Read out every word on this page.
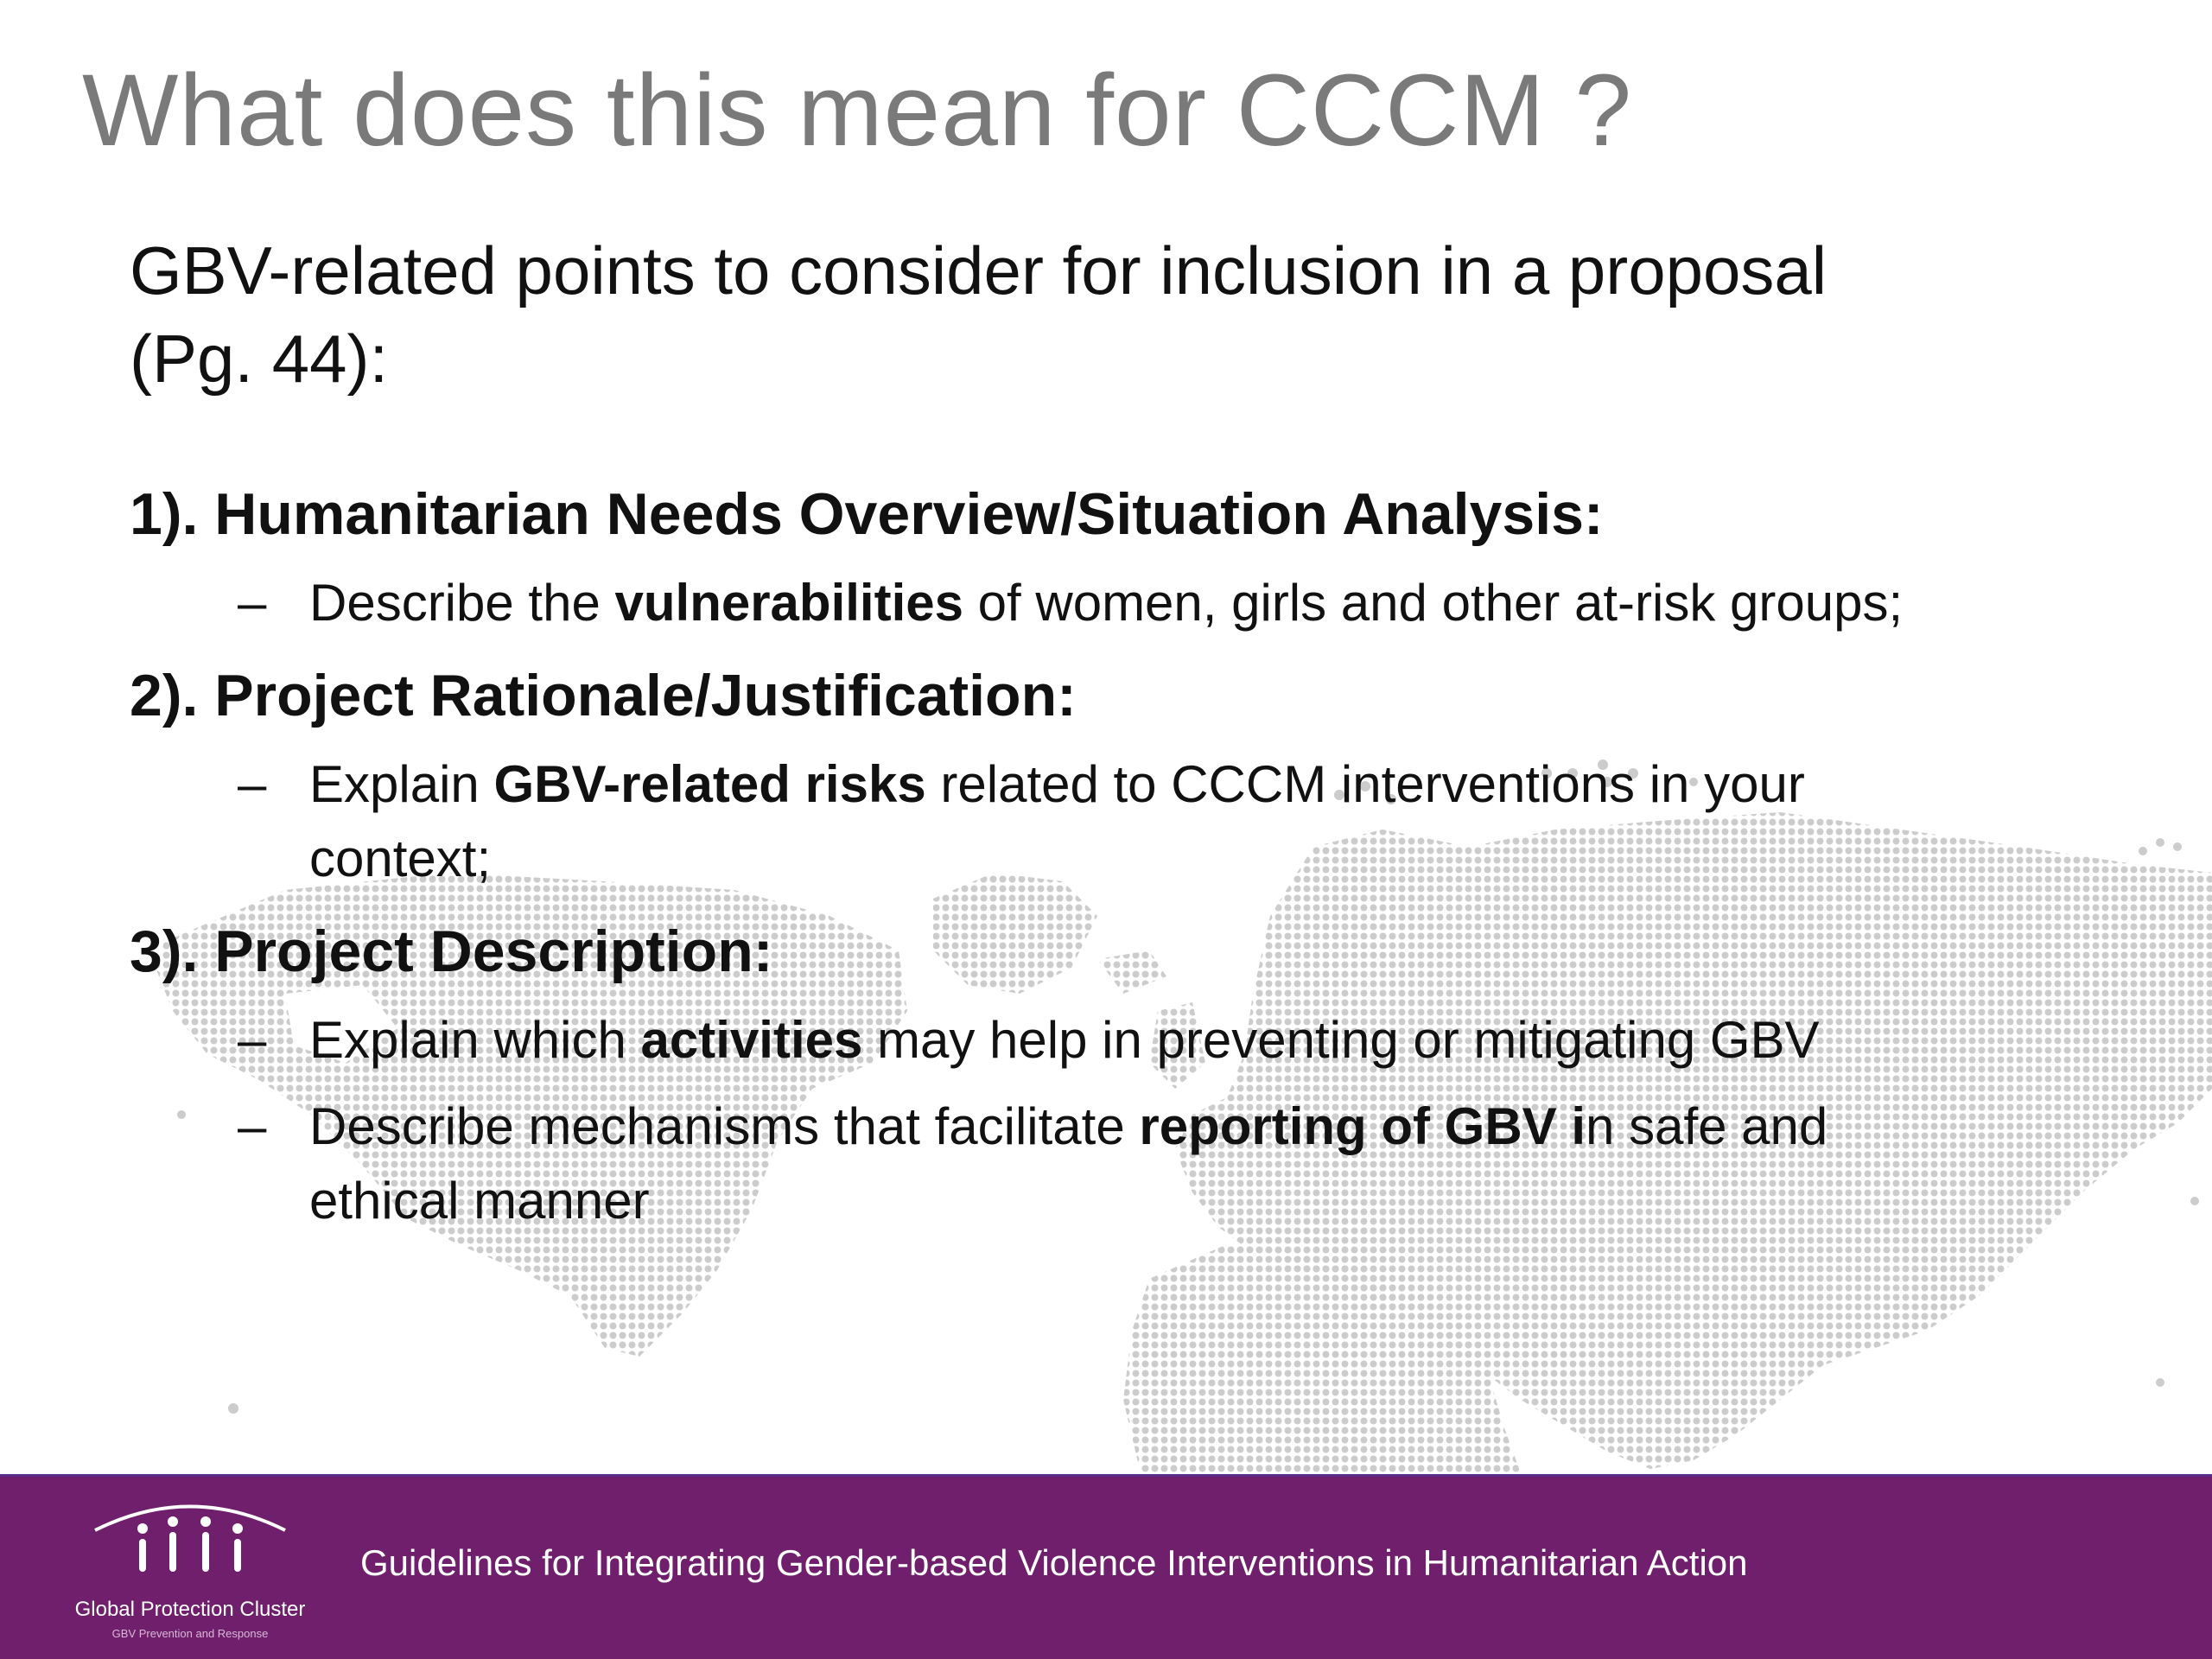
What does this mean for CCCM ?
GBV-related points to consider for inclusion in a proposal (Pg. 44):
1). Humanitarian Needs Overview/Situation Analysis:
– Describe the vulnerabilities of women, girls and other at-risk groups;
2). Project Rationale/Justification:
– Explain GBV-related risks related to CCCM interventions in your context;
3). Project Description:
– Explain which activities may help in preventing or mitigating GBV
– Describe mechanisms that facilitate reporting of GBV in safe and ethical manner
Global Protection Cluster
GBV Prevention and Response
Guidelines for Integrating Gender-based Violence Interventions in Humanitarian Action
